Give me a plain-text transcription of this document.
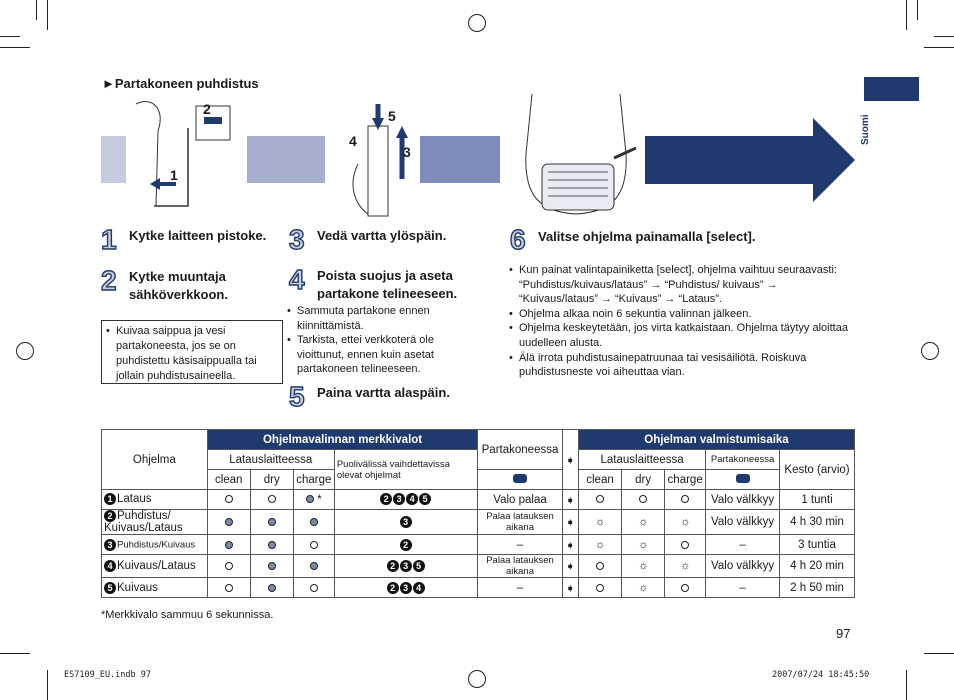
►Partakoneen puhdistus
Suomi
2
1
5
4
3
1 Kytke laitteen pistoke.
2 Kytke muuntaja sähköverkkoon.
• Kuivaa saippua ja vesi partakoneesta, jos se on puhdistettu käsisaippualla tai jollain puhdistusaineella.
3 Vedä vartta ylöspäin.
4 Poista suojus ja aseta partakone telineeseen.
• Sammuta partakone ennen kiinnittämistä.
• Tarkista, ettei verkkoterä ole vioittunut, ennen kuin asetat partakoneen telineeseen.
5 Paina vartta alaspäin.
6 Valitse ohjelma painamalla [select].
• Kun painat valintapainiketta [select], ohjelma vaihtuu seuraavasti: “Puhdistus/kuivaus/lataus” → “Puhdistus/ kuivaus” → “Kuivaus/lataus” → “Kuivaus” → “Lataus”.
• Ohjelma alkaa noin 6 sekuntia valinnan jälkeen.
• Ohjelma keskeytetään, jos virta katkaistaan. Ohjelma täytyy aloittaa uudelleen alusta.
• Älä irrota puhdistusainepatruunaa tai vesisäiliötä. Roiskuva puhdistusneste voi aiheuttaa vian.
Ohjelma	Ohjelmavalinnan merkkivalot				Partakoneessa	➧	Ohjelman valmistumisaika				
	Latauslaitteessa			Puolivälissä vaihdettavissa olevat ohjelmat			Latauslaitteessa			Partakoneessa	Kesto (arvio)
	clean	dry	charge				clean	dry	charge		
1 Lataus			*	2 3 4 5	Valo palaa	➧				Valo välkkyy	1 tunti
2 Puhdistus/ Kuivaus/Lataus				3	Palaa latauksen aikana	➧	☼	☼	☼	Valo välkkyy	4 h 30 min
3 Puhdistus/Kuivaus				2	–	➧	☼	☼		–	3 tuntia
4 Kuivaus/Lataus				2 3 5	Palaa latauksen aikana	➧		☼	☼	Valo välkkyy	4 h 20 min
5 Kuivaus				2 3 4	–	➧		☼		–	2 h 50 min
*Merkkivalo sammuu 6 sekunnissa.
97
ES7109_EU.indb 97	2007/07/24 18:45:50
